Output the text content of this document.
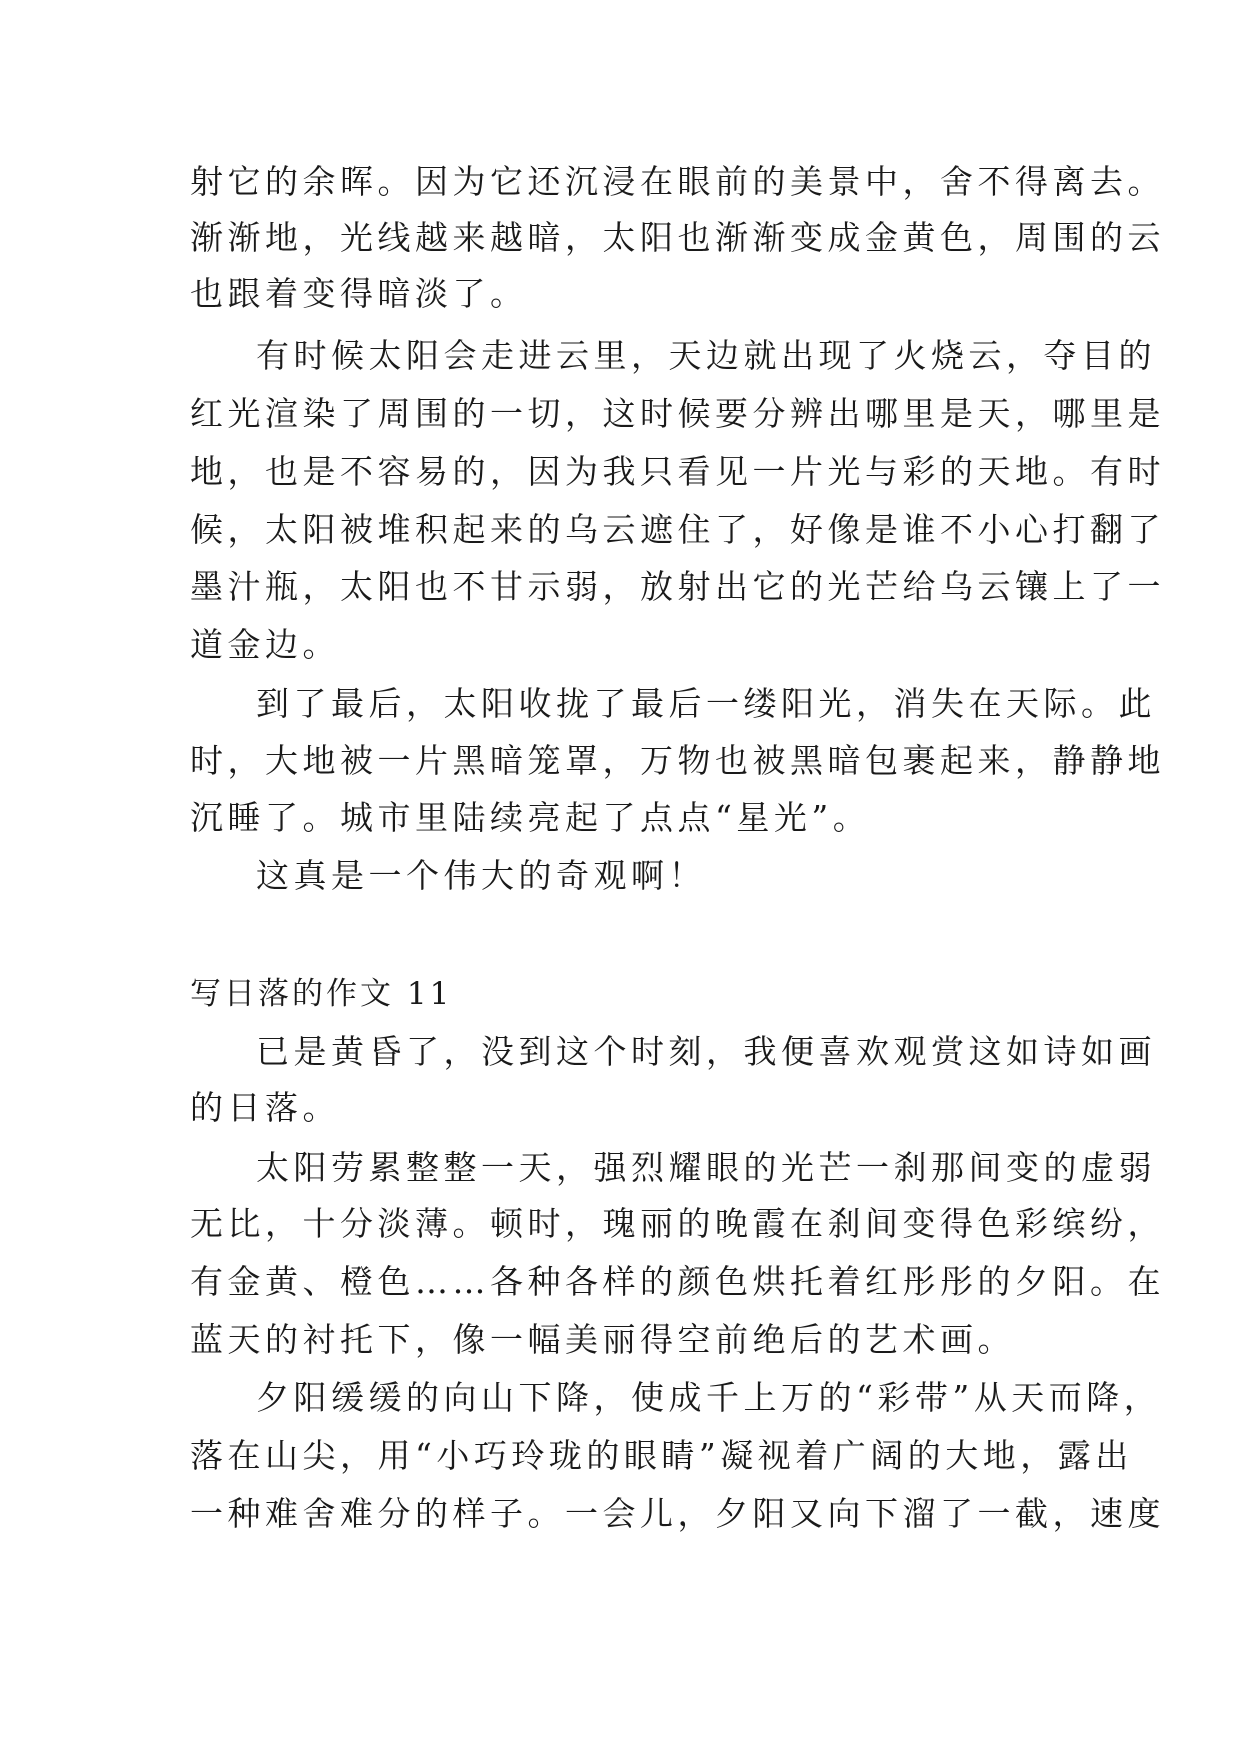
射它的余晖。因为它还沉浸在眼前的美景中，舍不得离去。
渐渐地，光线越来越暗，太阳也渐渐变成金黄色，周围的云
也跟着变得暗淡了。
有时候太阳会走进云里，天边就出现了火烧云，夺目的
红光渲染了周围的一切，这时候要分辨出哪里是天，哪里是
地，也是不容易的，因为我只看见一片光与彩的天地。有时
候，太阳被堆积起来的乌云遮住了，好像是谁不小心打翻了
墨汁瓶，太阳也不甘示弱，放射出它的光芒给乌云镶上了一
道金边。
到了最后，太阳收拢了最后一缕阳光，消失在天际。此
时，大地被一片黑暗笼罩，万物也被黑暗包裹起来，静静地
沉睡了。城市里陆续亮起了点点“星光”。
这真是一个伟大的奇观啊！
写日落的作文 11
已是黄昏了，没到这个时刻，我便喜欢观赏这如诗如画
的日落。
太阳劳累整整一天，强烈耀眼的光芒一刹那间变的虚弱
无比，十分淡薄。顿时，瑰丽的晚霞在刹间变得色彩缤纷，
有金黄、橙色……各种各样的颜色烘托着红彤彤的夕阳。在
蓝天的衬托下，像一幅美丽得空前绝后的艺术画。
夕阳缓缓的向山下降，使成千上万的“彩带”从天而降，
落在山尖，用“小巧玲珑的眼睛”凝视着广阔的大地，露出
一种难舍难分的样子。一会儿，夕阳又向下溜了一截，速度
